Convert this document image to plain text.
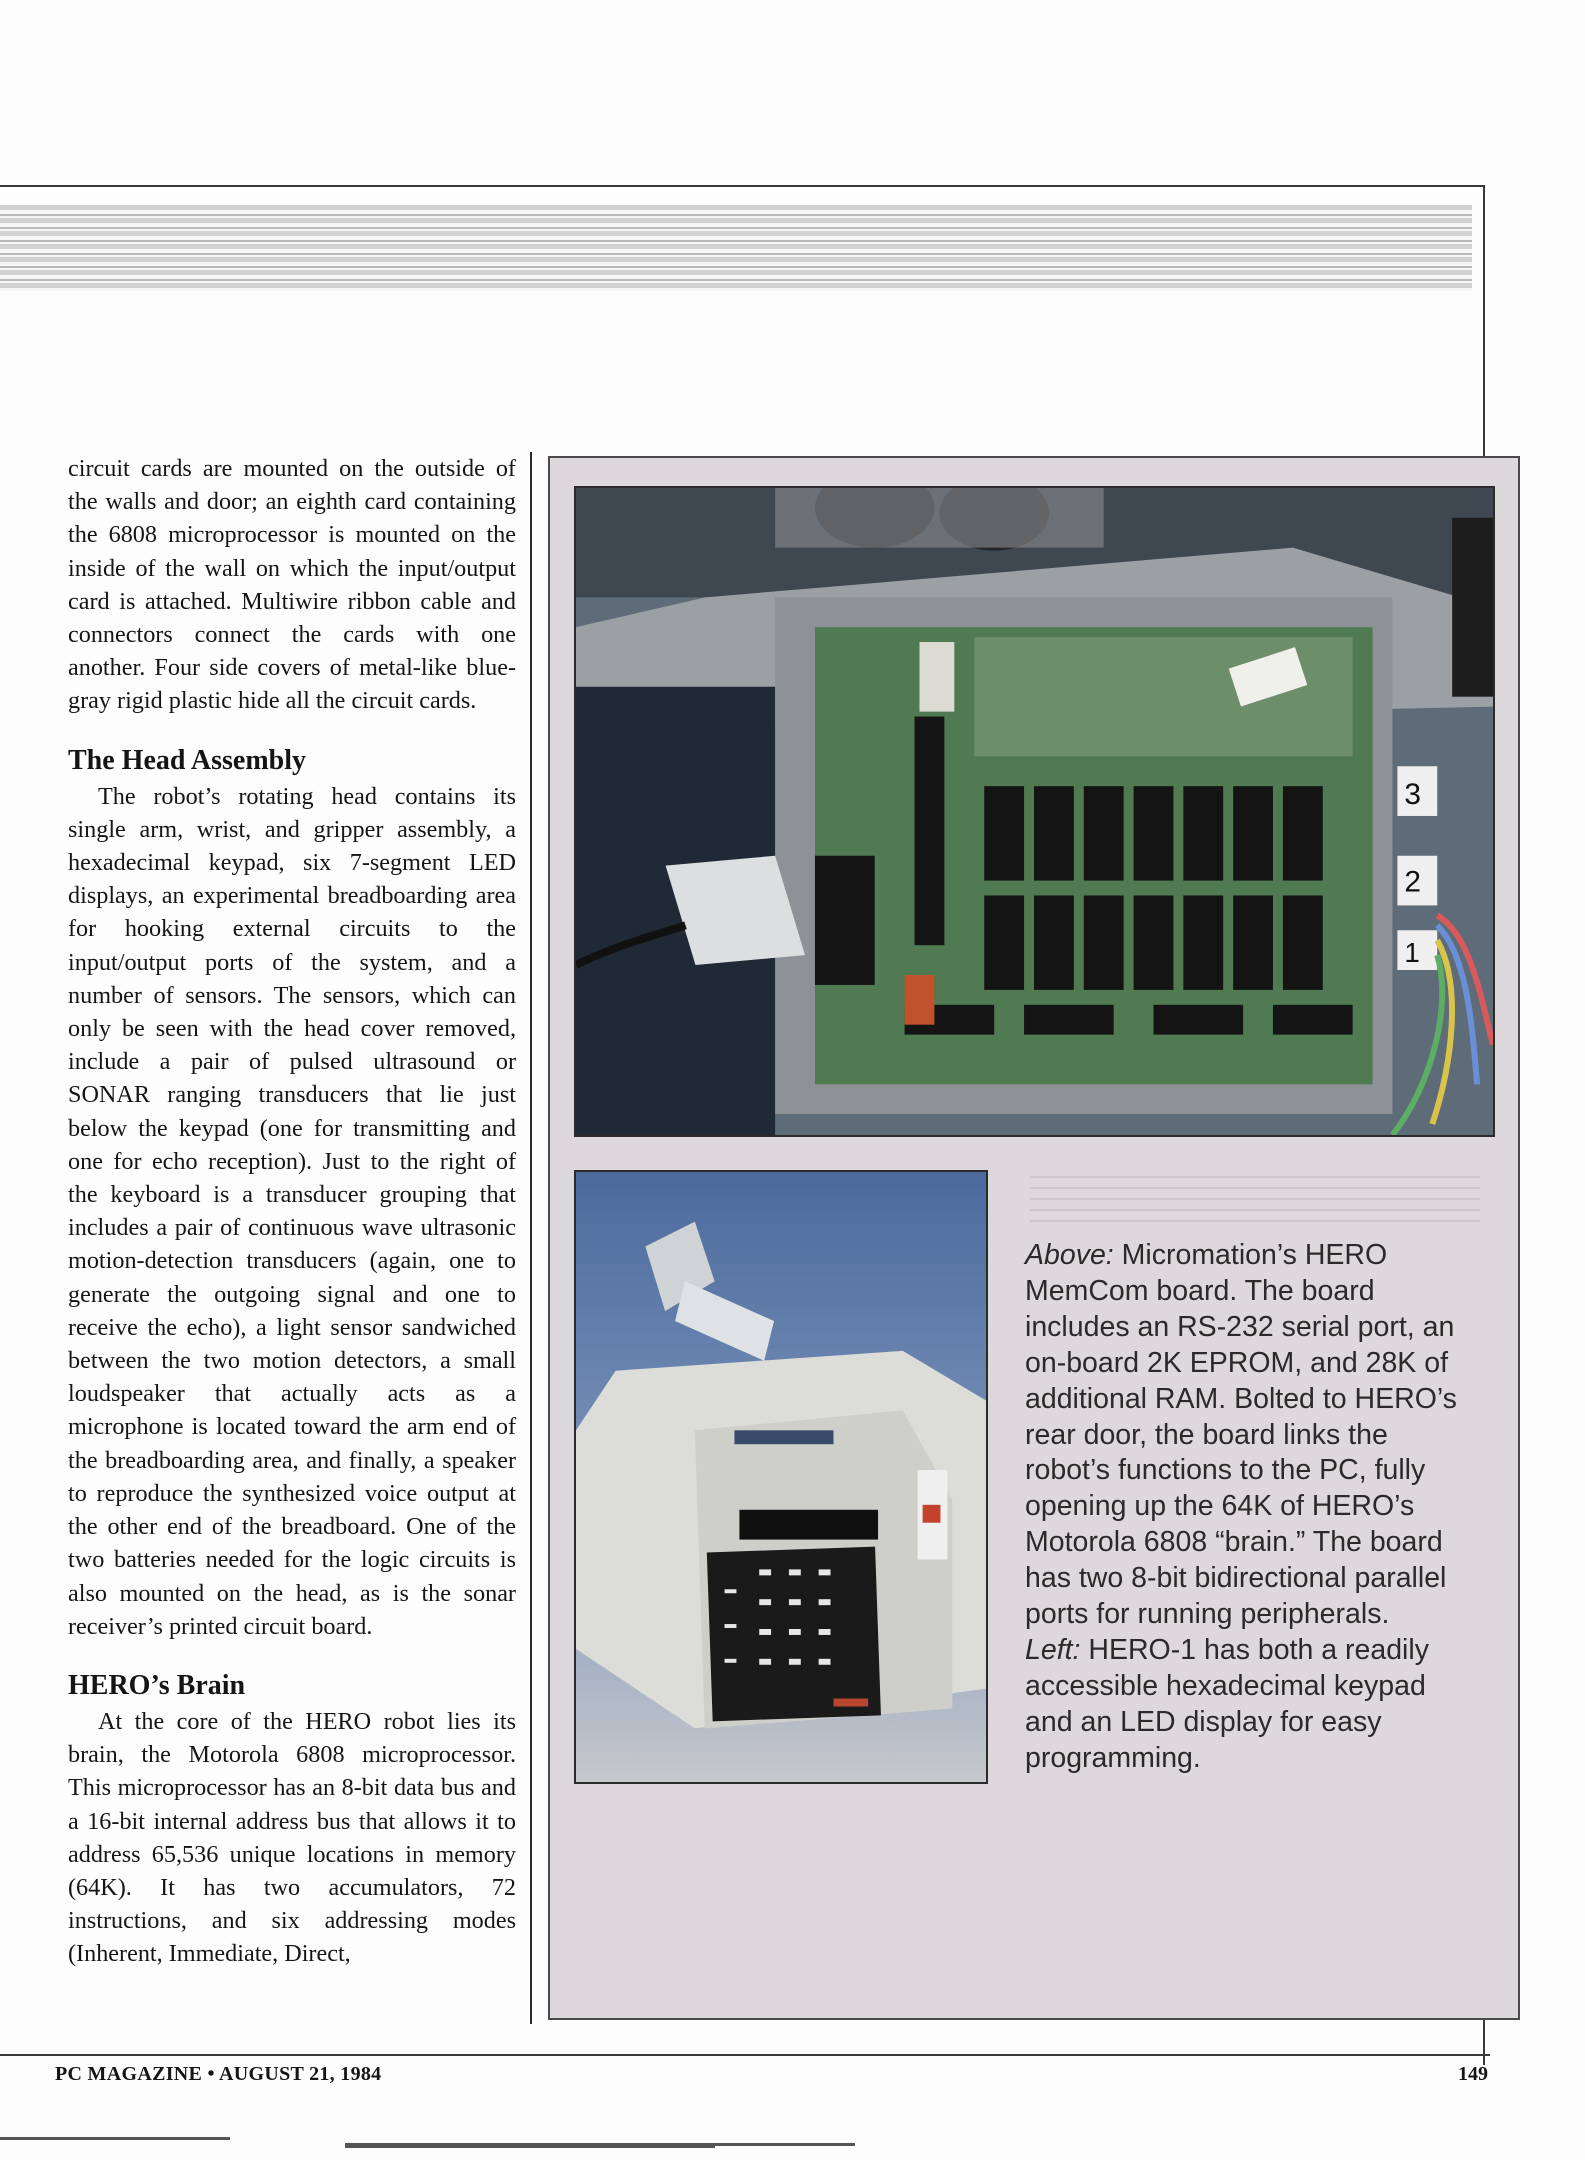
circuit cards are mounted on the outside of the walls and door; an eighth card containing the 6808 microprocessor is mounted on the inside of the wall on which the input/output card is attached. Multiwire ribbon cable and connectors connect the cards with one another. Four side covers of metal-like blue-gray rigid plastic hide all the circuit cards.

The Head Assembly

The robot’s rotating head contains its single arm, wrist, and gripper assembly, a hexadecimal keypad, six 7-segment LED displays, an experimental breadboarding area for hooking external circuits to the input/output ports of the system, and a number of sensors. The sensors, which can only be seen with the head cover removed, include a pair of pulsed ultrasound or SONAR ranging transducers that lie just below the keypad (one for transmitting and one for echo reception). Just to the right of the keyboard is a transducer grouping that includes a pair of continuous wave ultrasonic motion-detection transducers (again, one to generate the outgoing signal and one to receive the echo), a light sensor sandwiched between the two motion detectors, a small loudspeaker that actually acts as a microphone is located toward the arm end of the breadboarding area, and finally, a speaker to reproduce the synthesized voice output at the other end of the breadboard. One of the two batteries needed for the logic circuits is also mounted on the head, as is the sonar receiver’s printed circuit board.

HERO’s Brain

At the core of the HERO robot lies its brain, the Motorola 6808 microprocessor. This microprocessor has an 8-bit data bus and a 16-bit internal address bus that allows it to address 65,536 unique locations in memory (64K). It has two accumulators, 72 instructions, and six addressing modes (Inherent, Immediate, Direct,

3
2
1

Above: Micromation’s HERO MemCom board. The board includes an RS-232 serial port, an on-board 2K EPROM, and 28K of additional RAM. Bolted to HERO’s rear door, the board links the robot’s functions to the PC, fully opening up the 64K of HERO’s Motorola 6808 “brain.” The board has two 8-bit bidirectional parallel ports for running peripherals.

Left: HERO-1 has both a readily accessible hexadecimal keypad and an LED display for easy programming.

PC MAGAZINE • AUGUST 21, 1984	149
